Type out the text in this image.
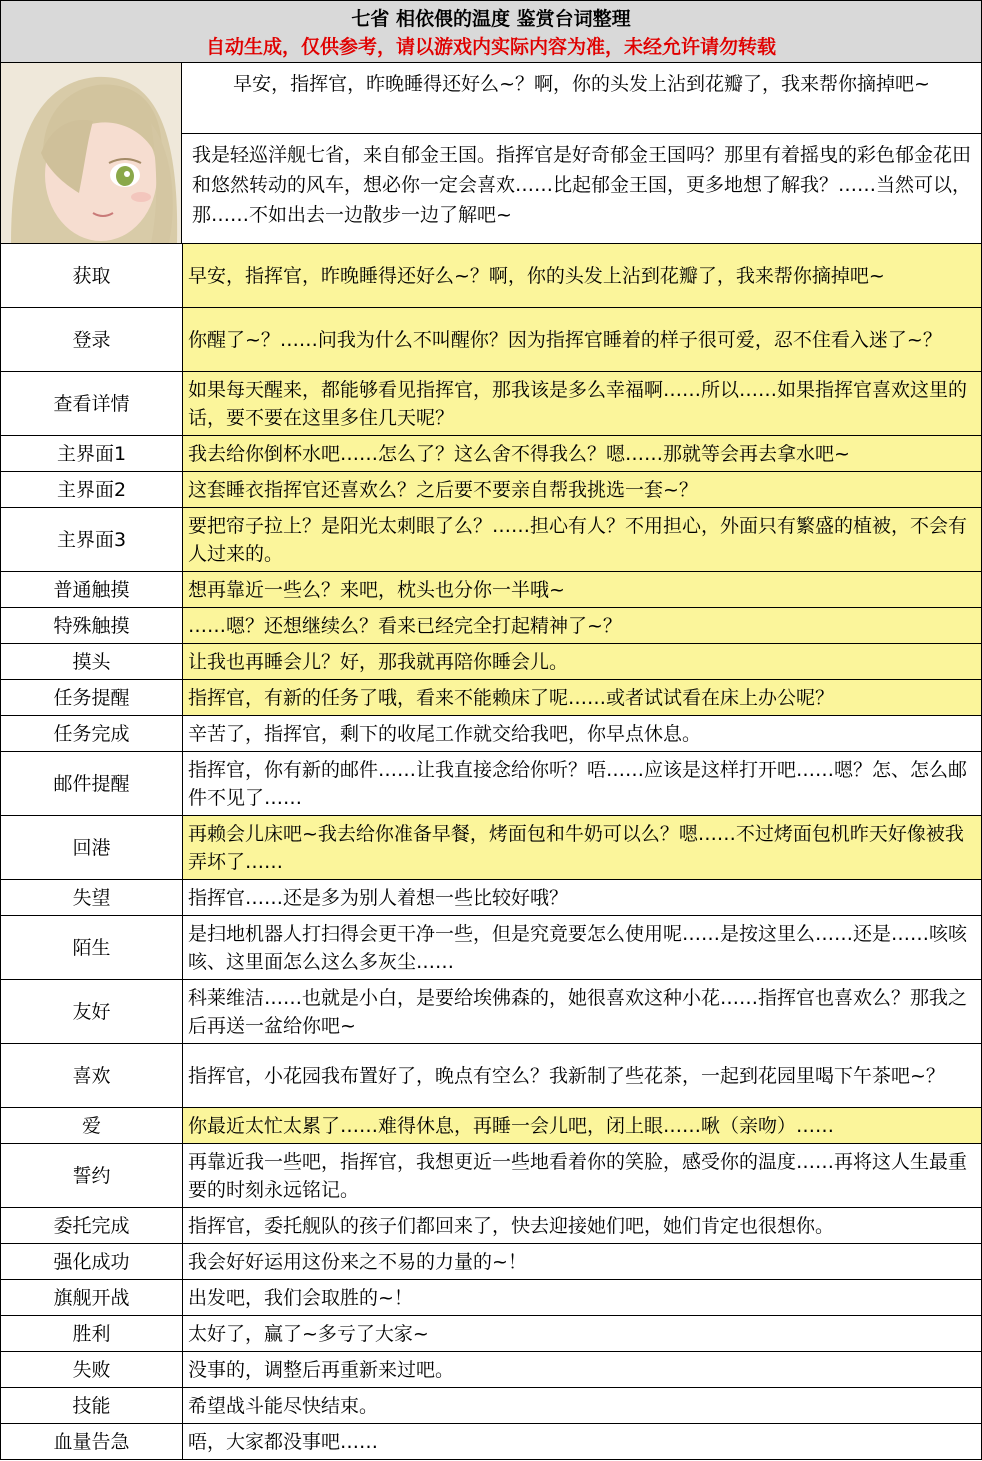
七省 相依偎的温度 鉴赏台词整理
自动生成，仅供参考，请以游戏内实际内容为准，未经允许请勿转载
早安，指挥官，昨晚睡得还好么~？啊，你的头发上沾到花瓣了，我来帮你摘掉吧~
我是轻巡洋舰七省，来自郁金王国。指挥官是好奇郁金王国吗？那里有着摇曳的彩色郁金花田和悠然转动的风车，想必你一定会喜欢……比起郁金王国，更多地想了解我？……当然可以，那……不如出去一边散步一边了解吧~
获取	早安，指挥官，昨晚睡得还好么~？啊，你的头发上沾到花瓣了，我来帮你摘掉吧~
登录	你醒了~？……问我为什么不叫醒你？因为指挥官睡着的样子很可爱，忍不住看入迷了~？
查看详情	如果每天醒来，都能够看见指挥官，那我该是多么幸福啊……所以……如果指挥官喜欢这里的话，要不要在这里多住几天呢？
主界面1	我去给你倒杯水吧……怎么了？这么舍不得我么？嗯……那就等会再去拿水吧~
主界面2	这套睡衣指挥官还喜欢么？之后要不要亲自帮我挑选一套~？
主界面3	要把帘子拉上？是阳光太刺眼了么？……担心有人？不用担心，外面只有繁盛的植被，不会有人过来的。
普通触摸	想再靠近一些么？来吧，枕头也分你一半哦~
特殊触摸	……嗯？还想继续么？看来已经完全打起精神了~？
摸头	让我也再睡会儿？好，那我就再陪你睡会儿。
任务提醒	指挥官，有新的任务了哦，看来不能赖床了呢……或者试试看在床上办公呢？
任务完成	辛苦了，指挥官，剩下的收尾工作就交给我吧，你早点休息。
邮件提醒	指挥官，你有新的邮件……让我直接念给你听？唔……应该是这样打开吧……嗯？怎、怎么邮件不见了……
回港	再赖会儿床吧~我去给你准备早餐，烤面包和牛奶可以么？嗯……不过烤面包机昨天好像被我弄坏了……
失望	指挥官……还是多为别人着想一些比较好哦？
陌生	是扫地机器人打扫得会更干净一些，但是究竟要怎么使用呢……是按这里么……还是……咳咳咳、这里面怎么这么多灰尘……
友好	科莱维洁……也就是小白，是要给埃佛森的，她很喜欢这种小花……指挥官也喜欢么？那我之后再送一盆给你吧~
喜欢	指挥官，小花园我布置好了，晚点有空么？我新制了些花茶，一起到花园里喝下午茶吧~？
爱	你最近太忙太累了……难得休息，再睡一会儿吧，闭上眼……啾（亲吻）……
誓约	再靠近我一些吧，指挥官，我想更近一些地看着你的笑脸，感受你的温度……再将这人生最重要的时刻永远铭记。
委托完成	指挥官，委托舰队的孩子们都回来了，快去迎接她们吧，她们肯定也很想你。
强化成功	我会好好运用这份来之不易的力量的~！
旗舰开战	出发吧，我们会取胜的~！
胜利	太好了，赢了~多亏了大家~
失败	没事的，调整后再重新来过吧。
技能	希望战斗能尽快结束。
血量告急	唔，大家都没事吧……
